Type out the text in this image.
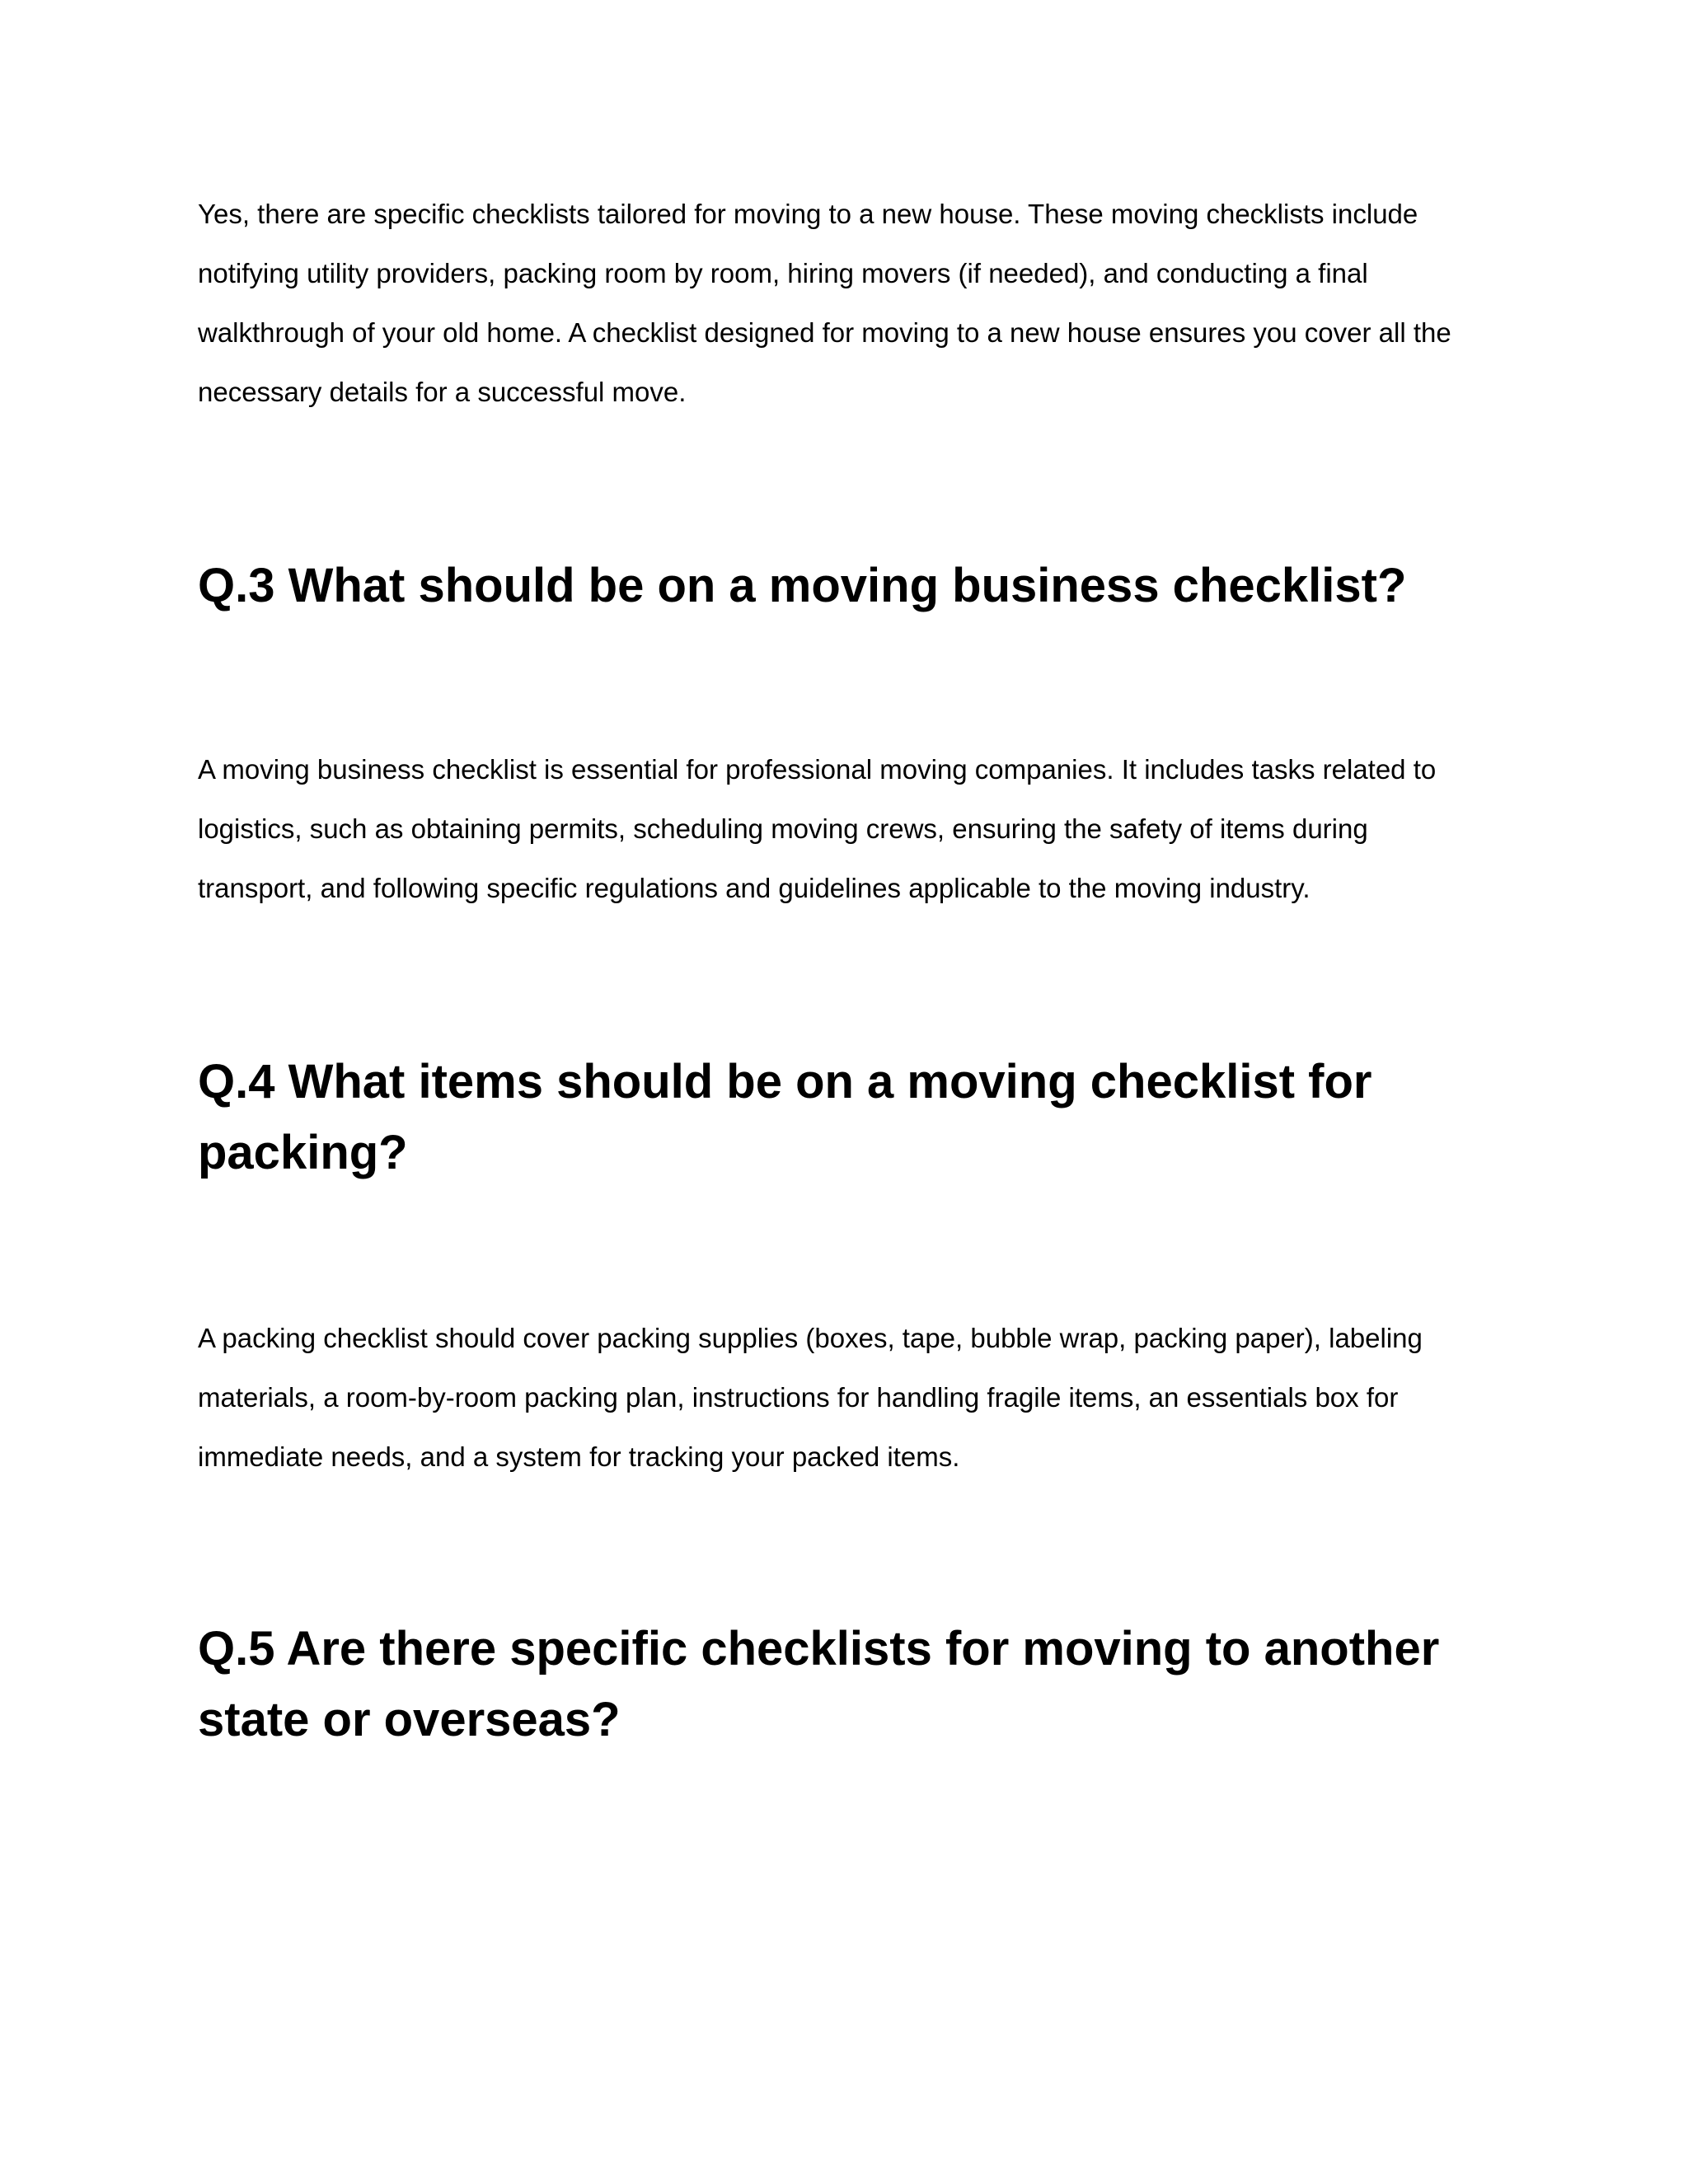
Yes, there are specific checklists tailored for moving to a new house. These moving checklists include notifying utility providers, packing room by room, hiring movers (if needed), and conducting a final walkthrough of your old home. A checklist designed for moving to a new house ensures you cover all the necessary details for a successful move.

Q.3 What should be on a moving business checklist?

A moving business checklist is essential for professional moving companies. It includes tasks related to logistics, such as obtaining permits, scheduling moving crews, ensuring the safety of items during transport, and following specific regulations and guidelines applicable to the moving industry.

Q.4 What items should be on a moving checklist for packing?

A packing checklist should cover packing supplies (boxes, tape, bubble wrap, packing paper), labeling materials, a room-by-room packing plan, instructions for handling fragile items, an essentials box for immediate needs, and a system for tracking your packed items.

Q.5 Are there specific checklists for moving to another state or overseas?
